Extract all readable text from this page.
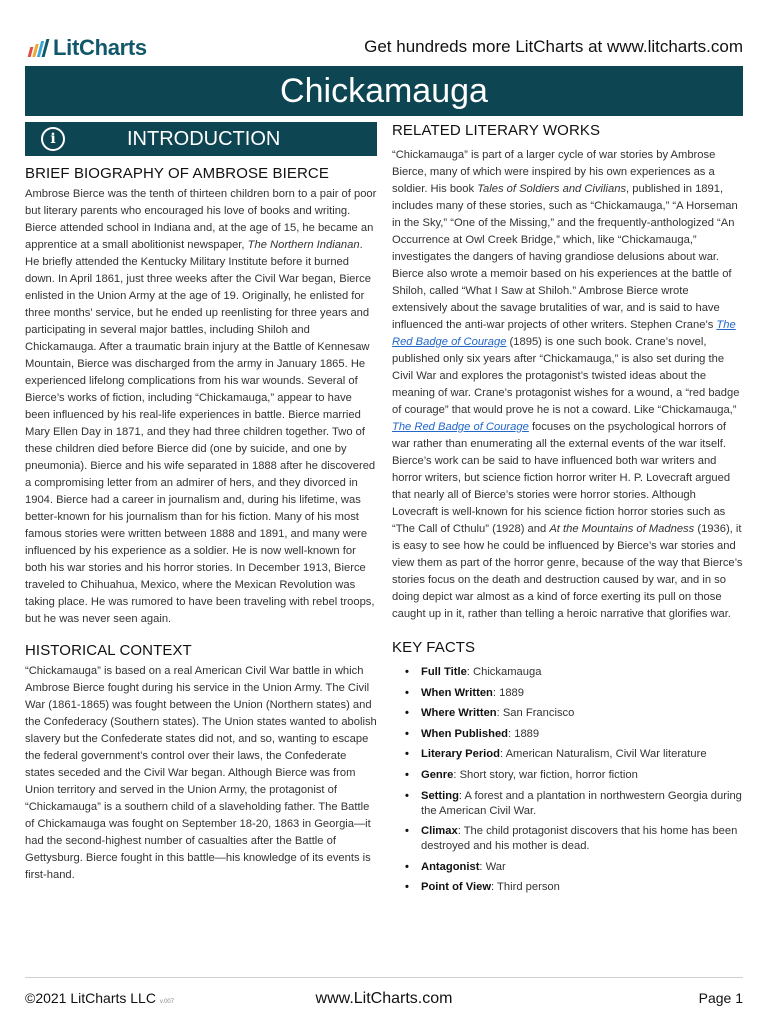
LitCharts	Get hundreds more LitCharts at www.litcharts.com
Chickamauga
i	INTRODUCTION
BRIEF BIOGRAPHY OF AMBROSE BIERCE

Ambrose Bierce was the tenth of thirteen children born to a pair of poor but literary parents who encouraged his love of books and writing. Bierce attended school in Indiana and, at the age of 15, he became an apprentice at a small abolitionist newspaper, The Northern Indianan. He briefly attended the Kentucky Military Institute before it burned down. In April 1861, just three weeks after the Civil War began, Bierce enlisted in the Union Army at the age of 19. Originally, he enlisted for three months’ service, but he ended up reenlisting for three years and participating in several major battles, including Shiloh and Chickamauga. After a traumatic brain injury at the Battle of Kennesaw Mountain, Bierce was discharged from the army in January 1865. He experienced lifelong complications from his war wounds. Several of Bierce’s works of fiction, including “Chickamauga,” appear to have been influenced by his real-life experiences in battle. Bierce married Mary Ellen Day in 1871, and they had three children together. Two of these children died before Bierce did (one by suicide, and one by pneumonia). Bierce and his wife separated in 1888 after he discovered a compromising letter from an admirer of hers, and they divorced in 1904. Bierce had a career in journalism and, during his lifetime, was better-known for his journalism than for his fiction. Many of his most famous stories were written between 1888 and 1891, and many were influenced by his experience as a soldier. He is now well-known for both his war stories and his horror stories. In December 1913, Bierce traveled to Chihuahua, Mexico, where the Mexican Revolution was taking place. He was rumored to have been traveling with rebel troops, but he was never seen again.

HISTORICAL CONTEXT

“Chickamauga” is based on a real American Civil War battle in which Ambrose Bierce fought during his service in the Union Army. The Civil War (1861-1865) was fought between the Union (Northern states) and the Confederacy (Southern states). The Union states wanted to abolish slavery but the Confederate states did not, and so, wanting to escape the federal government’s control over their laws, the Confederate states seceded and the Civil War began. Although Bierce was from Union territory and served in the Union Army, the protagonist of “Chickamauga” is a southern child of a slaveholding father. The Battle of Chickamauga was fought on September 18-20, 1863 in Georgia—it had the second-highest number of casualties after the Battle of Gettysburg. Bierce fought in this battle—his knowledge of its events is first-hand.

RELATED LITERARY WORKS

“Chickamauga” is part of a larger cycle of war stories by Ambrose Bierce, many of which were inspired by his own experiences as a soldier. His book Tales of Soldiers and Civilians, published in 1891, includes many of these stories, such as “Chickamauga,” “A Horseman in the Sky,” “One of the Missing,” and the frequently-anthologized “An Occurrence at Owl Creek Bridge,” which, like “Chickamauga,” investigates the dangers of having grandiose delusions about war. Bierce also wrote a memoir based on his experiences at the battle of Shiloh, called “What I Saw at Shiloh.” Ambrose Bierce wrote extensively about the savage brutalities of war, and is said to have influenced the anti-war projects of other writers. Stephen Crane’s The Red Badge of Courage (1895) is one such book. Crane’s novel, published only six years after “Chickamauga,” is also set during the Civil War and explores the protagonist’s twisted ideas about the meaning of war. Crane’s protagonist wishes for a wound, a “red badge of courage” that would prove he is not a coward. Like “Chickamauga,” The Red Badge of Courage focuses on the psychological horrors of war rather than enumerating all the external events of the war itself. Bierce’s work can be said to have influenced both war writers and horror writers, but science fiction horror writer H. P. Lovecraft argued that nearly all of Bierce’s stories were horror stories. Although Lovecraft is well-known for his science fiction horror stories such as “The Call of Cthulu” (1928) and At the Mountains of Madness (1936), it is easy to see how he could be influenced by Bierce’s war stories and view them as part of the horror genre, because of the way that Bierce’s stories focus on the death and destruction caused by war, and in so doing depict war almost as a kind of force exerting its pull on those caught up in it, rather than telling a heroic narrative that glorifies war.

KEY FACTS
• Full Title: Chickamauga
• When Written: 1889
• Where Written: San Francisco
• When Published: 1889
• Literary Period: American Naturalism, Civil War literature
• Genre: Short story, war fiction, horror fiction
• Setting: A forest and a plantation in northwestern Georgia during the American Civil War.
• Climax: The child protagonist discovers that his home has been destroyed and his mother is dead.
• Antagonist: War
• Point of View: Third person
©2021 LitCharts LLC v.007	www.LitCharts.com	Page 1
